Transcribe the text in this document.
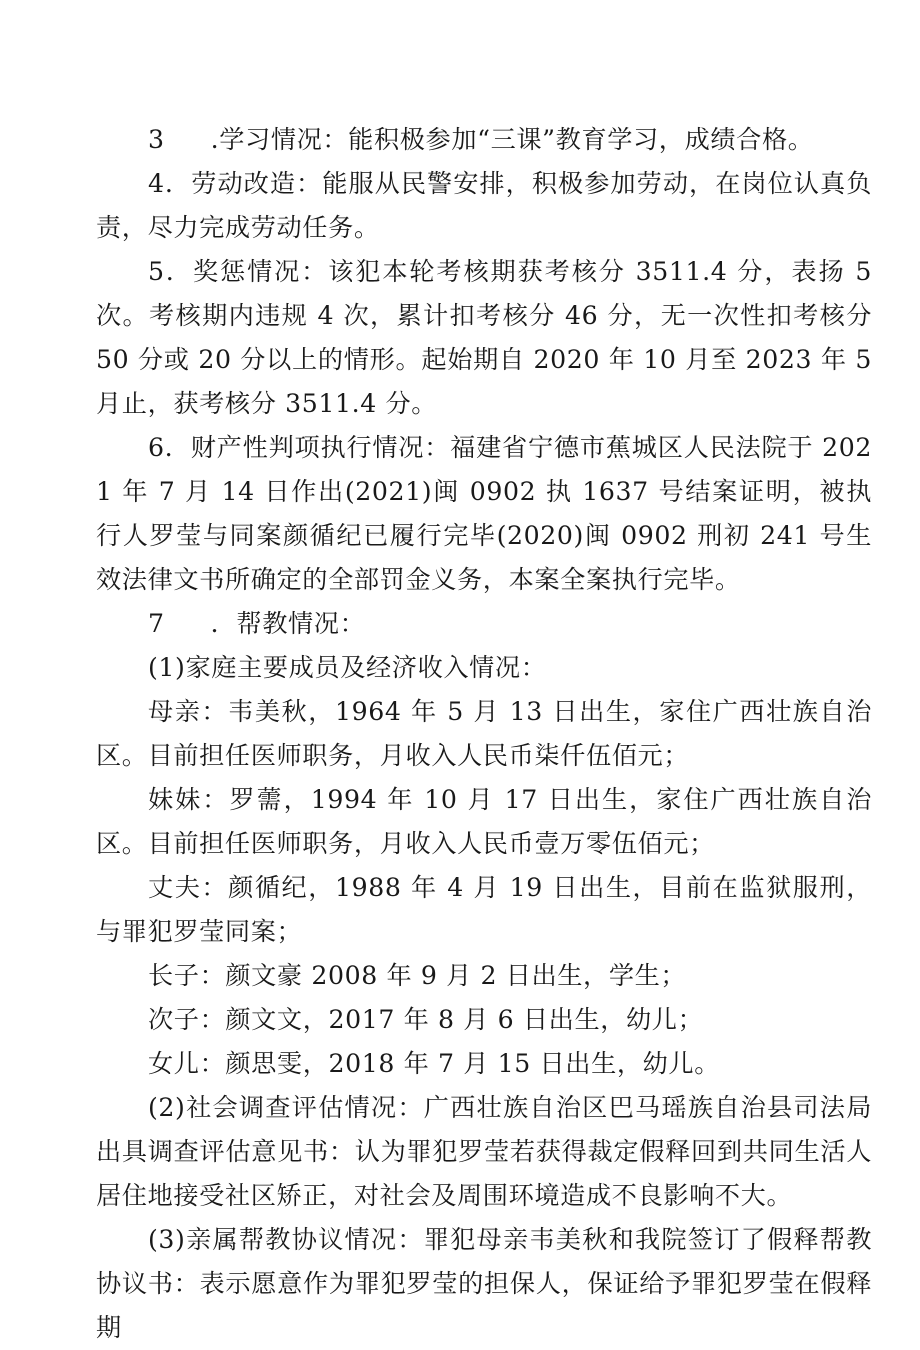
3 .学习情况：能积极参加“三课”教育学习，成绩合格。

4．劳动改造：能服从民警安排，积极参加劳动，在岗位认真负责，尽力完成劳动任务。

5．奖惩情况：该犯本轮考核期获考核分 3511.4 分，表扬 5 次。考核期内违规 4 次，累计扣考核分 46 分，无一次性扣考核分 50 分或 20 分以上的情形。起始期自 2020 年 10 月至 2023 年 5 月止，获考核分 3511.4 分。

6．财产性判项执行情况：福建省宁德市蕉城区人民法院于 2021 年 7 月 14 日作出(2021)闽 0902 执 1637 号结案证明，被执行人罗莹与同案颜循纪已履行完毕(2020)闽 0902 刑初 241 号生效法律文书所确定的全部罚金义务，本案全案执行完毕。

7 ．帮教情况：

(1)家庭主要成员及经济收入情况：

母亲：韦美秋，1964 年 5 月 13 日出生，家住广西壮族自治区。目前担任医师职务，月收入人民币柒仟伍佰元；

妹妹：罗薷，1994 年 10 月 17 日出生，家住广西壮族自治区。目前担任医师职务，月收入人民币壹万零伍佰元；

丈夫：颜循纪，1988 年 4 月 19 日出生，目前在监狱服刑，与罪犯罗莹同案；

长子：颜文豪 2008 年 9 月 2 日出生，学生；

次子：颜文文，2017 年 8 月 6 日出生，幼儿；

女儿：颜思雯，2018 年 7 月 15 日出生，幼儿。

(2)社会调查评估情况：广西壮族自治区巴马瑶族自治县司法局出具调查评估意见书：认为罪犯罗莹若获得裁定假释回到共同生活人居住地接受社区矫正，对社会及周围环境造成不良影响不大。

(3)亲属帮教协议情况：罪犯母亲韦美秋和我院签订了假释帮教协议书：表示愿意作为罪犯罗莹的担保人，保证给予罪犯罗莹在假释期
